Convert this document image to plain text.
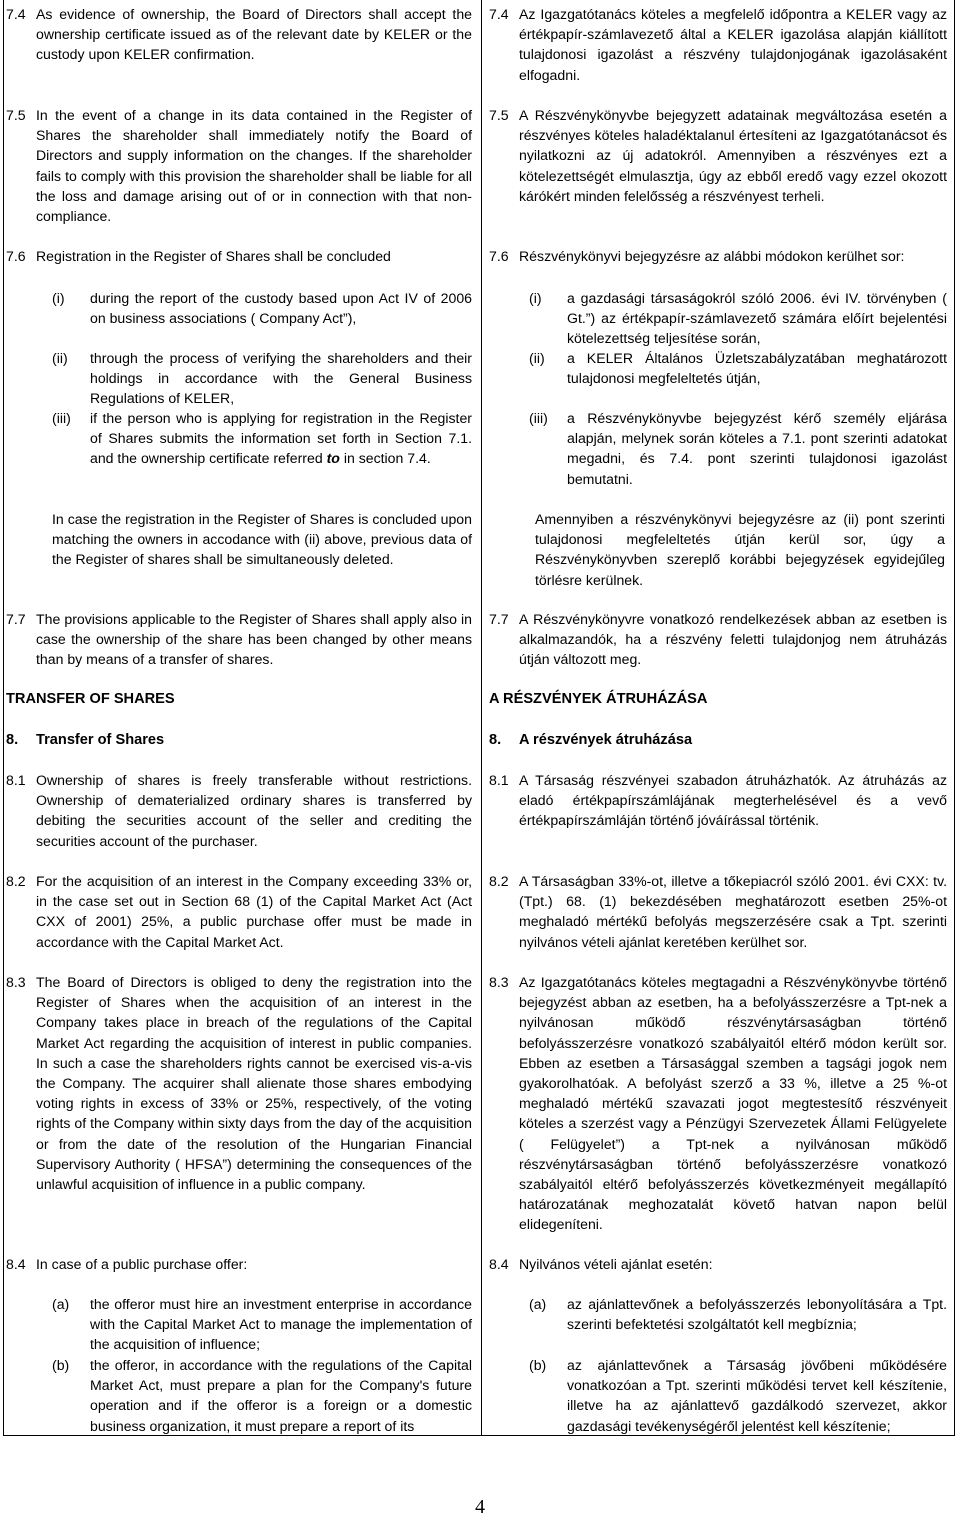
7.4 As evidence of ownership, the Board of Directors shall accept the ownership certificate issued as of the relevant date by KELER or the custody upon KELER confirmation.
7.5 In the event of a change in its data contained in the Register of Shares the shareholder shall immediately notify the Board of Directors and supply information on the changes. If the shareholder fails to comply with this provision the shareholder shall be liable for all the loss and damage arising out of or in connection with that non-compliance.
7.6 Registration in the Register of Shares shall be concluded
(i)	during the report of the custody based upon Act IV of 2006 on business associations ( Company Act”),
(ii)	through the process of verifying the shareholders and their holdings in accordance with the General Business Regulations of KELER,
(iii)	if the person who is applying for registration in the Register of Shares submits the information set forth in Section 7.1. and the ownership certificate referred to in section 7.4.
In case the registration in the Register of Shares is concluded upon matching the owners in accodance with (ii) above, previous data of the Register of shares shall be simultaneously deleted.
7.7 The provisions applicable to the Register of Shares shall apply also in case the ownership of the share has been changed by other means than by means of a transfer of shares.
TRANSFER OF SHARES
8. Transfer of Shares
8.1 Ownership of shares is freely transferable without restrictions. Ownership of dematerialized ordinary shares is transferred by debiting the securities account of the seller and crediting the securities account of the purchaser.
8.2 For the acquisition of an interest in the Company exceeding 33% or, in the case set out in Section 68 (1) of the Capital Market Act (Act CXX of 2001) 25%, a public purchase offer must be made in accordance with the Capital Market Act.
8.3 The Board of Directors is obliged to deny the registration into the Register of Shares when the acquisition of an interest in the Company takes place in breach of the regulations of the Capital Market Act regarding the acquisition of interest in public companies. In such a case the shareholders rights cannot be exercised vis-a-vis the Company. The acquirer shall alienate those shares embodying voting rights in excess of 33% or 25%, respectively, of the voting rights of the Company within sixty days from the day of the acquisition or from the date of the resolution of the Hungarian Financial Supervisory Authority ( HFSA”) determining the consequences of the unlawful acquisition of influence in a public company.
8.4 In case of a public purchase offer:
(a)	the offeror must hire an investment enterprise in accordance with the Capital Market Act to manage the implementation of the acquisition of influence;
(b)	the offeror, in accordance with the regulations of the Capital Market Act, must prepare a plan for the Company's future operation and if the offeror is a foreign or a domestic business organization, it must prepare a report of its
7.4 Az Igazgatótanács köteles a megfelelő időpontra a KELER vagy az értékpapír-számlavezető által a KELER igazolása alapján kiállított tulajdonosi igazolást a részvény tulajdonjogának igazolásaként elfogadni.
7.5 A Részvénykönyvbe bejegyzett adatainak megváltozása esetén a részvényes köteles haladéktalanul értesíteni az Igazgatótanácsot és nyilatkozni az új adatokról. Amennyiben a részvényes ezt a kötelezettségét elmulasztja, úgy az ebből eredő vagy ezzel okozott kárókért minden felelősség a részvényest terheli.
7.6 Részvénykönyvi bejegyzésre az alábbi módokon kerülhet sor:
(i)	a gazdasági társaságokról szóló 2006. évi IV. törvényben ( Gt.”) az értékpapír-számlavezető számára előírt bejelentési kötelezettség teljesítése során,
(ii)	a KELER Általános Üzletszabályzatában meghatározott tulajdonosi megfeleltetés útján,
(iii)	a Részvénykönyvbe bejegyzést kérő személy eljárása alapján, melynek során köteles a 7.1. pont szerinti adatokat megadni, és 7.4. pont szerinti tulajdonosi igazolást bemutatni.
Amennyiben a részvénykönyvi bejegyzésre az (ii) pont szerinti tulajdonosi megfeleltetés útján kerül sor, úgy a Részvénykönyvben szereplő korábbi bejegyzések egyidejűleg törlésre kerülnek.
7.7 A Részvénykönyvre vonatkozó rendelkezések abban az esetben is alkalmazandók, ha a részvény feletti tulajdonjog nem átruházás útján változott meg.
A RÉSZVÉNYEK ÁTRUHÁZÁSA
8. A részvények átruházása
8.1 A Társaság részvényei szabadon átruházhatók. Az átruházás az eladó értékpapírszámlájának megterhelésével és a vevő értékpapírszámláján történő jóváírással történik.
8.2 A Társaságban 33%-ot, illetve a tőkepiacról szóló 2001. évi CXX: tv. (Tpt.) 68. (1) bekezdésében meghatározott esetben 25%-ot meghaladó mértékű befolyás megszerzésére csak a Tpt. szerinti nyilvános vételi ajánlat keretében kerülhet sor.
8.3 Az Igazgatótanács köteles megtagadni a Részvénykönyvbe történő bejegyzést abban az esetben, ha a befolyásszerzésre a Tpt-nek a nyilvánosan működő részvénytársaságban történő befolyásszerzésre vonatkozó szabályaitól eltérő módon került sor. Ebben az esetben a Társasággal szemben a tagsági jogok nem gyakorolhatóak. A befolyást szerző a 33 %, illetve a 25 %-ot meghaladó mértékű szavazati jogot megtestesítő részvényeit köteles a szerzést vagy a Pénzügyi Szervezetek Állami Felügyelete ( Felügyelet”) a Tpt-nek a nyilvánosan működő részvénytársaságban történő befolyásszerzésre vonatkozó szabályaitól eltérő befolyásszerzés következményeit megállapító határozatának meghozatalát követő hatvan napon belül elidegeníteni.
8.4 Nyilvános vételi ajánlat esetén:
(a)	az ajánlattevőnek a befolyásszerzés lebonyolítására a Tpt. szerinti befektetési szolgáltatót kell megbíznia;
(b)	az ajánlattevőnek a Társaság jövőbeni működésére vonatkozóan a Tpt. szerinti működési tervet kell készítenie, illetve ha az ajánlattevő gazdálkodó szervezet, akkor gazdasági tevékenységéről jelentést kell készítenie;
4
